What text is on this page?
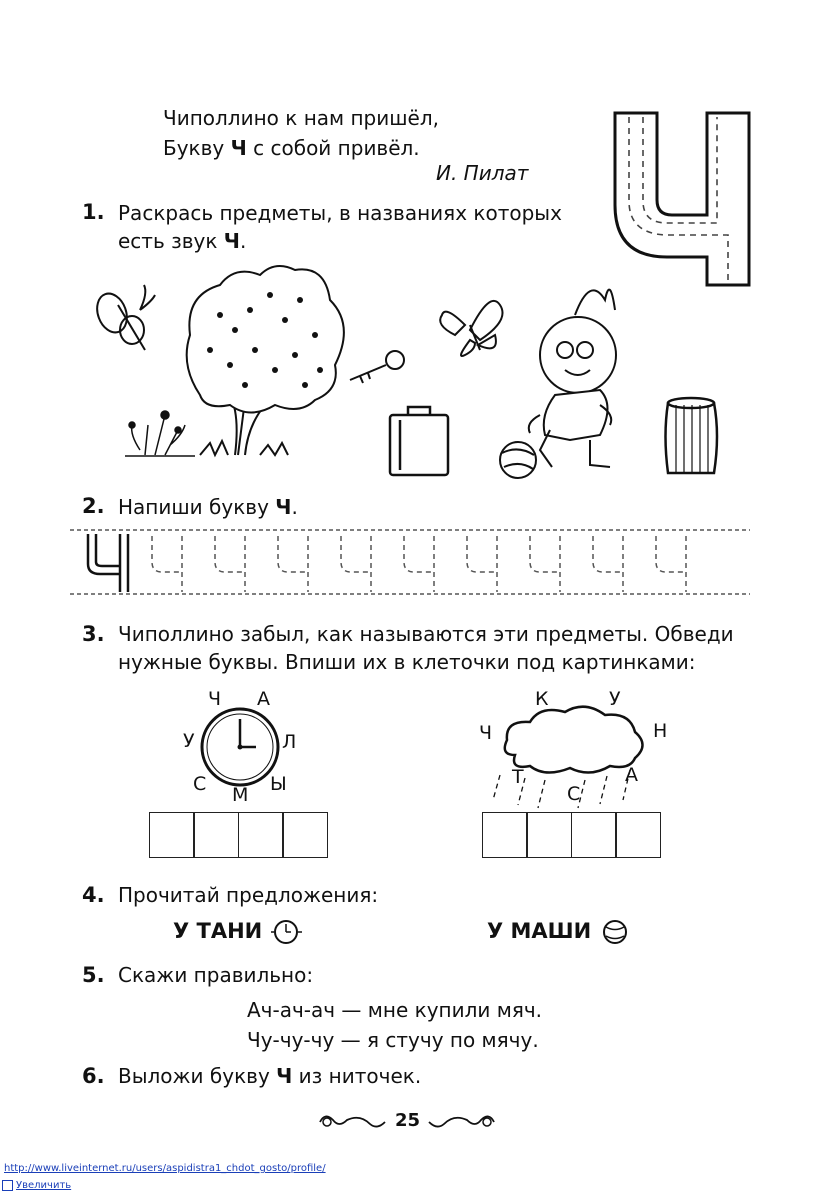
Чиполлино к нам пришёл,
Букву Ч с собой привёл.
И. Пилат
Ч
1. Раскрась предметы, в названиях которых
есть звук Ч.
2. Напиши букву Ч.
Ч
3. Чиполлино забыл, как называются эти предметы. Обведи
нужные буквы. Впиши их в клеточки под картинками:
Ч А
У	Л
С М Ы
К	У
Ч	Н
Т
С
А
4. Прочитай предложения:
У ТАНИ	У МАШИ
5. Скажи правильно:
Ач-ач-ач — мне купили мяч.
Чу-чу-чу — я стучу по мячу.
6. Выложи букву Ч из ниточек.
25
http://www.liveinternet.ru/users/aspidistra1_chdot_gosto/profile/
Увеличить
